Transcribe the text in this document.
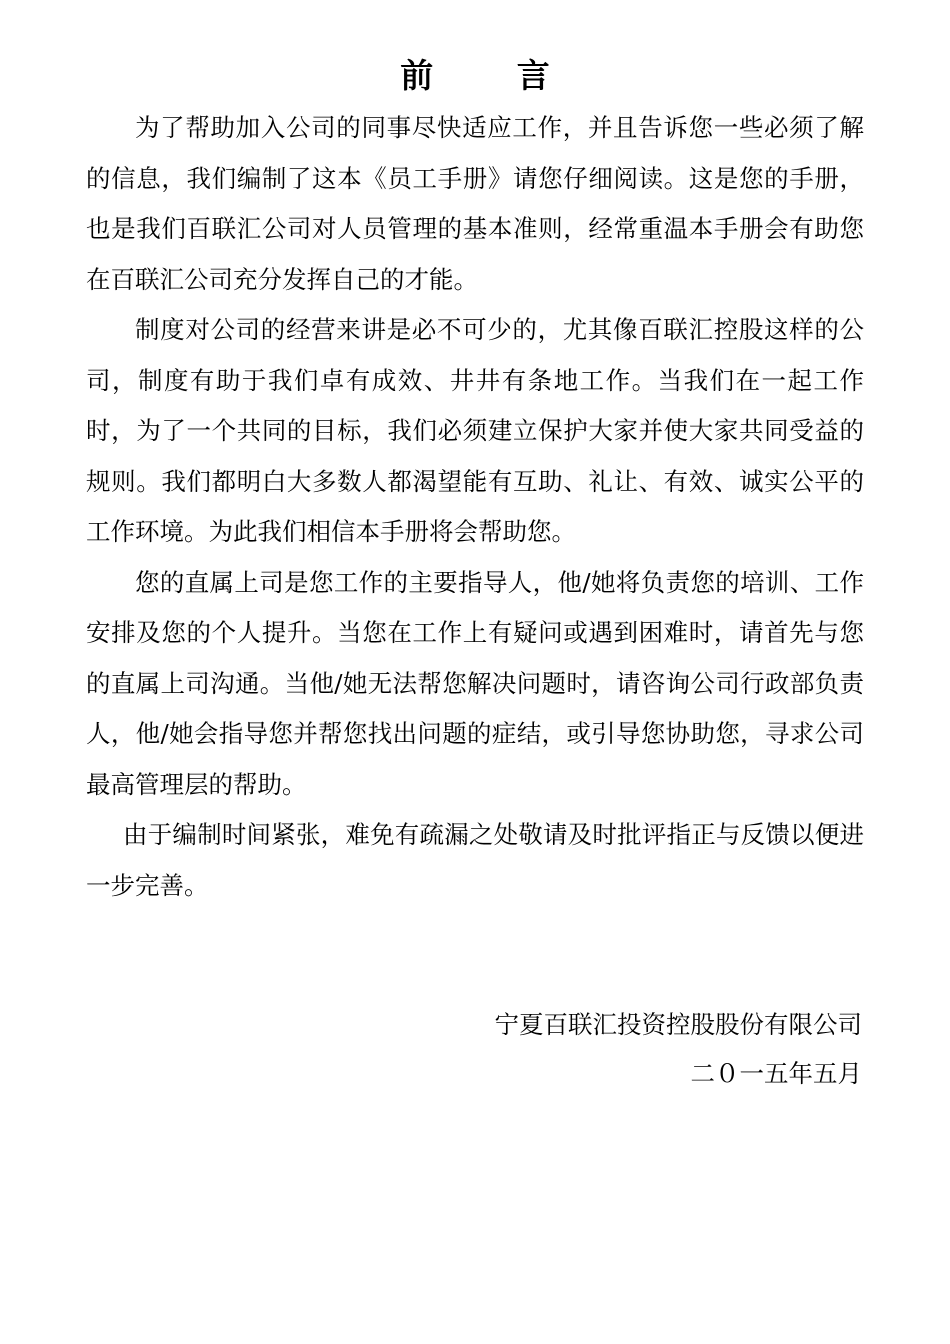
前 言

为了帮助加入公司的同事尽快适应工作，并且告诉您一些必须了解的信息，我们编制了这本《员工手册》请您仔细阅读。这是您的手册，也是我们百联汇公司对人员管理的基本准则，经常重温本手册会有助您在百联汇公司充分发挥自己的才能。

制度对公司的经营来讲是必不可少的，尤其像百联汇控股这样的公司，制度有助于我们卓有成效、井井有条地工作。当我们在一起工作时，为了一个共同的目标，我们必须建立保护大家并使大家共同受益的规则。我们都明白大多数人都渴望能有互助、礼让、有效、诚实公平的工作环境。为此我们相信本手册将会帮助您。

您的直属上司是您工作的主要指导人，他/她将负责您的培训、工作安排及您的个人提升。当您在工作上有疑问或遇到困难时，请首先与您的直属上司沟通。当他/她无法帮您解决问题时，请咨询公司行政部负责人，他/她会指导您并帮您找出问题的症结，或引导您协助您，寻求公司最高管理层的帮助。

由于编制时间紧张，难免有疏漏之处敬请及时批评指正与反馈以便进一步完善。

宁夏百联汇投资控股股份有限公司
二０一五年五月
